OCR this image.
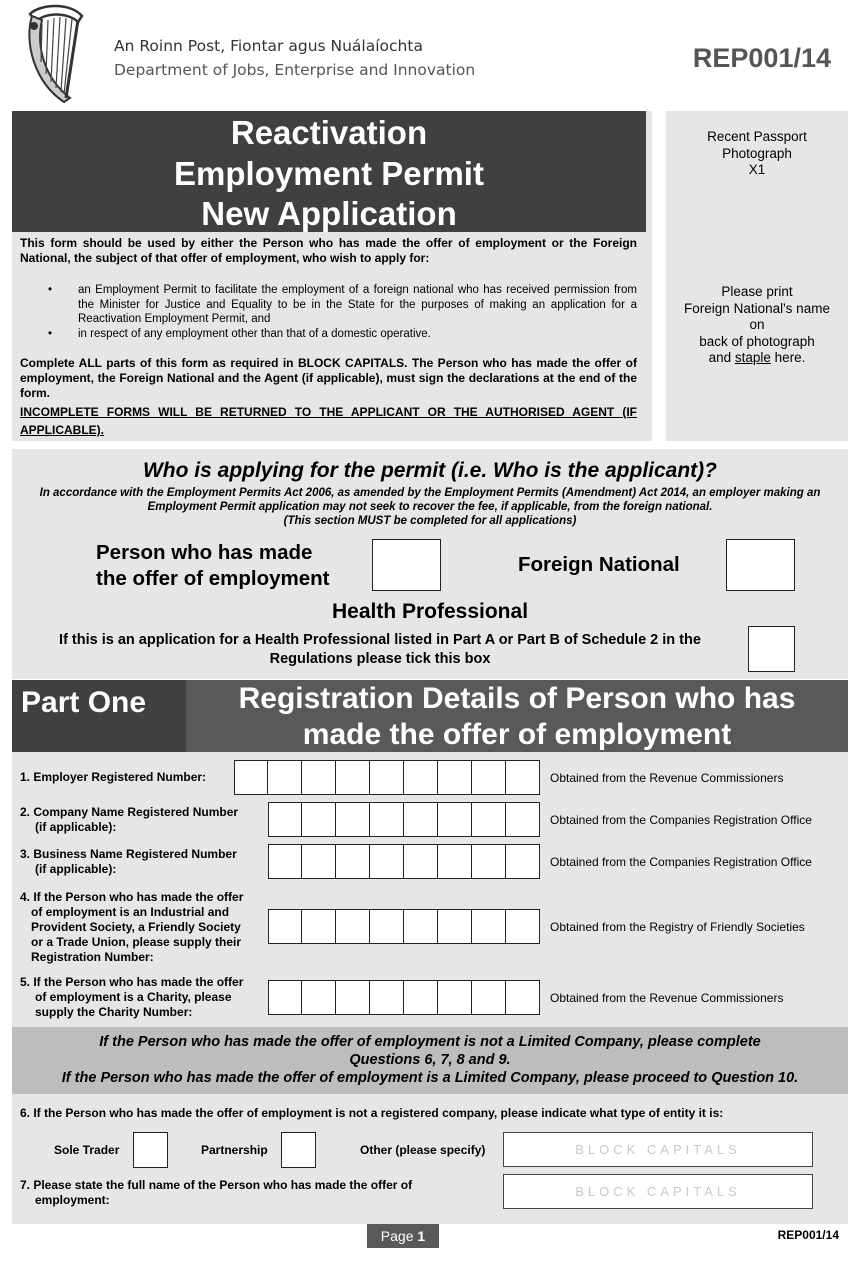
An Roinn Post, Fiontar agus Nuálaíochta
Department of Jobs, Enterprise and Innovation	REP001/14
Reactivation
Employment Permit
New Application

This form should be used by either the Person who has made the offer of employment or the Foreign National, the subject of that offer of employment, who wish to apply for:

• an Employment Permit to facilitate the employment of a foreign national who has received permission from the Minister for Justice and Equality to be in the State for the purposes of making an application for a Reactivation Employment Permit, and
• in respect of any employment other than that of a domestic operative.
Complete ALL parts of this form as required in BLOCK CAPITALS. The Person who has made the offer of employment, the Foreign National and the Agent (if applicable), must sign the declarations at the end of the form.
INCOMPLETE FORMS WILL BE RETURNED TO THE APPLICANT OR THE AUTHORISED AGENT (IF APPLICABLE).
Recent Passport
Photograph
X1
Please print
Foreign National's name
on
back of photograph
and staple here.
Who is applying for the permit (i.e. Who is the applicant)?
In accordance with the Employment Permits Act 2006, as amended by the Employment Permits (Amendment) Act 2014, an employer making an Employment Permit application may not seek to recover the fee, if applicable, from the foreign national.
(This section MUST be completed for all applications)
Person who has made
the offer of employment
Foreign National
Health Professional
If this is an application for a Health Professional listed in Part A or Part B of Schedule 2 in the Regulations please tick this box
Part One	Registration Details of Person who has
made the offer of employment
1. Employer Registered Number:	Obtained from the Revenue Commissioners
2. Company Name Registered Number
(if applicable):	Obtained from the Companies Registration Office
3. Business Name Registered Number
(if applicable):	Obtained from the Companies Registration Office
4. If the Person who has made the offer
of employment is an Industrial and
Provident Society, a Friendly Society
or a Trade Union, please supply their
Registration Number:
Obtained from the Registry of Friendly Societies
5. If the Person who has made the offer
of employment is a Charity, please
supply the Charity Number:
Obtained from the Revenue Commissioners
If the Person who has made the offer of employment is not a Limited Company, please complete
Questions 6, 7, 8 and 9.
If the Person who has made the offer of employment is a Limited Company, please proceed to Question 10.
6. If the Person who has made the offer of employment is not a registered company, please indicate what type of entity it is:
Sole Trader	Partnership	Other (please specify)	BLOCK CAPITALS
7. Please state the full name of the Person who has made the offer of
employment:
BLOCK CAPITALS
Page 1	REP001/14
